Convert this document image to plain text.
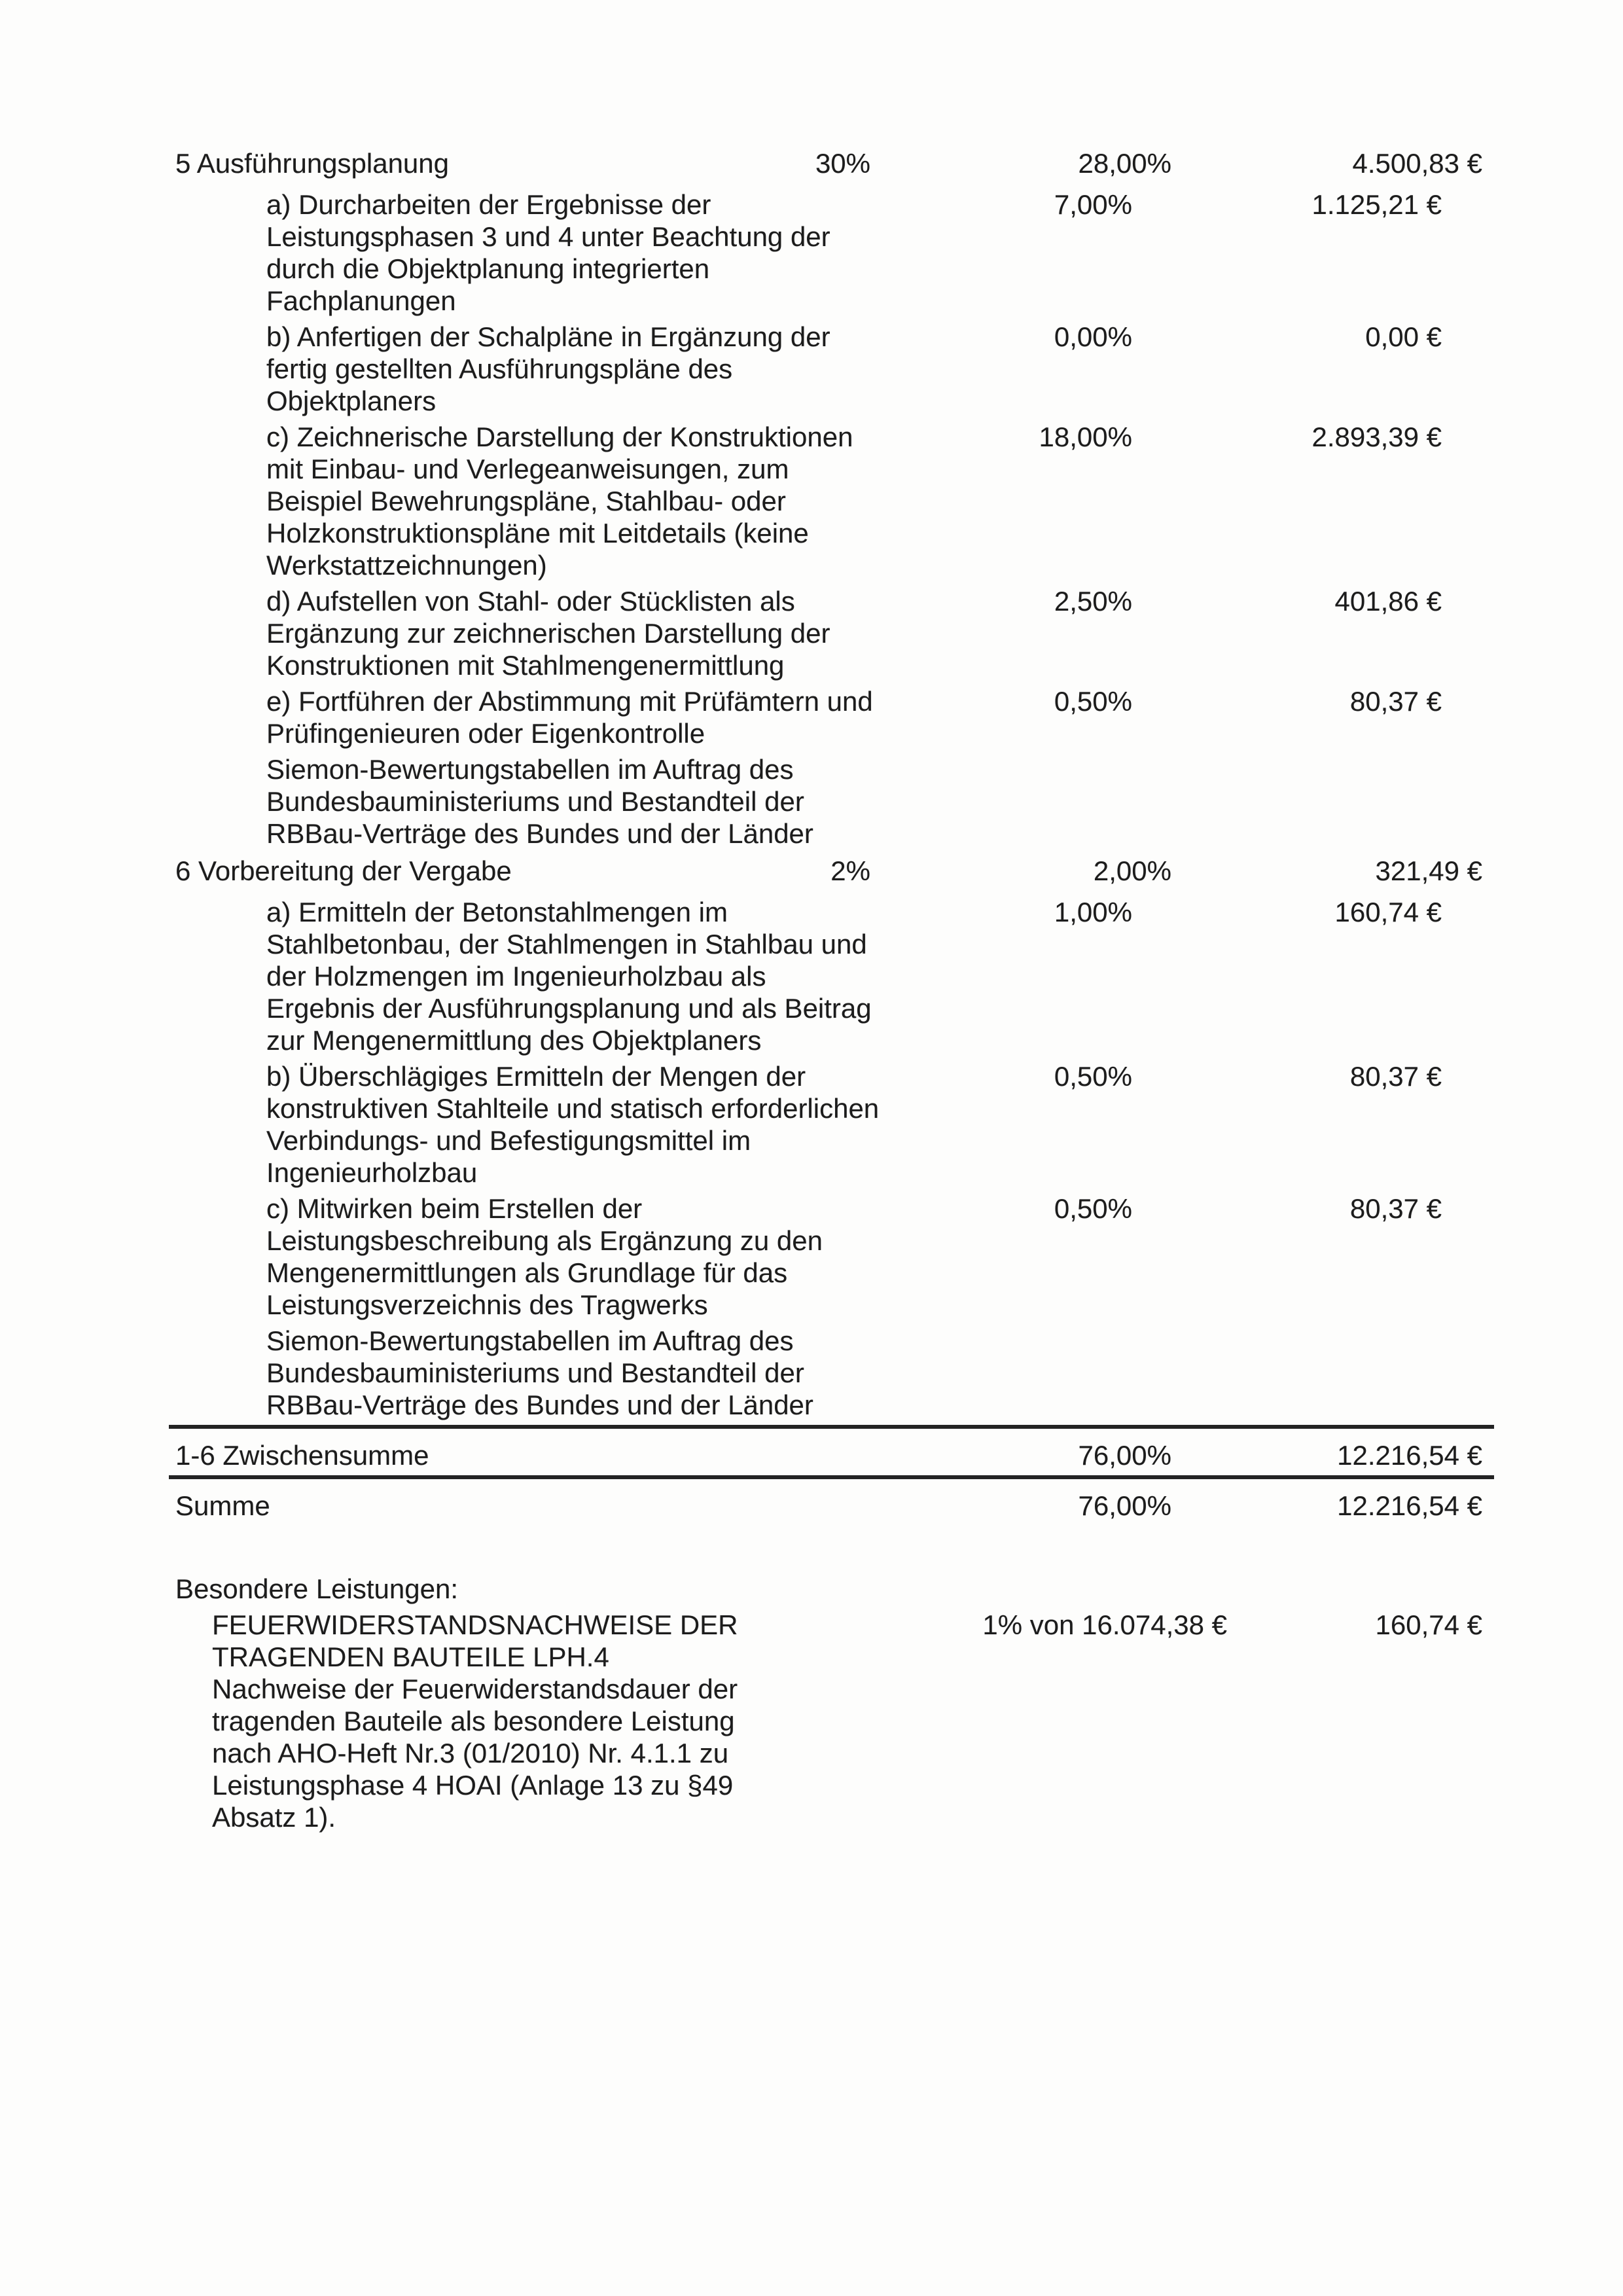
5 Ausführungsplanung	30%	28,00%	4.500,83 €
a) Durcharbeiten der Ergebnisse der
Leistungsphasen 3 und 4 unter Beachtung der
durch die Objektplanung integrierten
Fachplanungen
7,00%	1.125,21 €
b) Anfertigen der Schalpläne in Ergänzung der
fertig gestellten Ausführungspläne des
Objektplaners
0,00%	0,00 €
c) Zeichnerische Darstellung der Konstruktionen
mit Einbau- und Verlegeanweisungen, zum
Beispiel Bewehrungspläne, Stahlbau- oder
Holzkonstruktionspläne mit Leitdetails (keine
Werkstattzeichnungen)
18,00%	2.893,39 €
d) Aufstellen von Stahl- oder Stücklisten als
Ergänzung zur zeichnerischen Darstellung der
Konstruktionen mit Stahlmengenermittlung
2,50%	401,86 €
e) Fortführen der Abstimmung mit Prüfämtern und
Prüfingenieuren oder Eigenkontrolle
0,50%	80,37 €
Siemon-Bewertungstabellen im Auftrag des
Bundesbauministeriums und Bestandteil der
RBBau-Verträge des Bundes und der Länder
6 Vorbereitung der Vergabe	2%	2,00%	321,49 €
a) Ermitteln der Betonstahlmengen im
Stahlbetonbau, der Stahlmengen in Stahlbau und
der Holzmengen im Ingenieurholzbau als
Ergebnis der Ausführungsplanung und als Beitrag
zur Mengenermittlung des Objektplaners
1,00%	160,74 €
b) Überschlägiges Ermitteln der Mengen der
konstruktiven Stahlteile und statisch erforderlichen
Verbindungs- und Befestigungsmittel im
Ingenieurholzbau
0,50%	80,37 €
c) Mitwirken beim Erstellen der
Leistungsbeschreibung als Ergänzung zu den
Mengenermittlungen als Grundlage für das
Leistungsverzeichnis des Tragwerks
0,50%	80,37 €
Siemon-Bewertungstabellen im Auftrag des
Bundesbauministeriums und Bestandteil der
RBBau-Verträge des Bundes und der Länder
1-6 Zwischensumme	76,00%	12.216,54 €
Summe	76,00%	12.216,54 €
Besondere Leistungen:
FEUERWIDERSTANDSNACHWEISE DER
TRAGENDEN BAUTEILE LPH.4
Nachweise der Feuerwiderstandsdauer der
tragenden Bauteile als besondere Leistung
nach AHO-Heft Nr.3 (01/2010) Nr. 4.1.1 zu
Leistungsphase 4 HOAI (Anlage 13 zu §49
Absatz 1).
1% von 16.074,38 €	160,74 €
